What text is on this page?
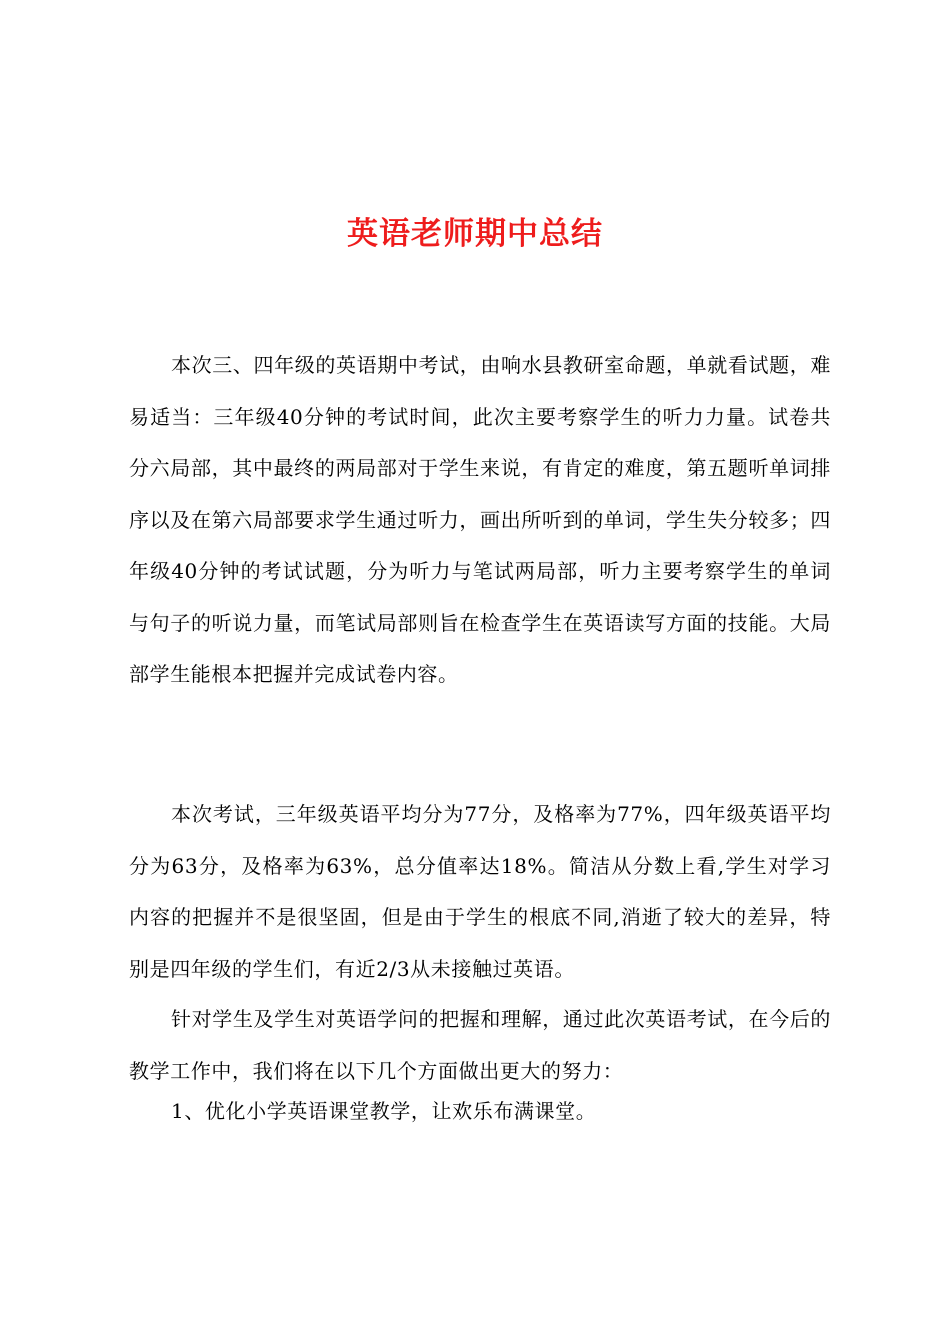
英语老师期中总结

本次三、四年级的英语期中考试，由响水县教研室命题，单就看试题，难易适当：三年级40分钟的考试时间，此次主要考察学生的听力力量。试卷共分六局部，其中最终的两局部对于学生来说，有肯定的难度，第五题听单词排序以及在第六局部要求学生通过听力，画出所听到的单词，学生失分较多；四年级40分钟的考试试题，分为听力与笔试两局部，听力主要考察学生的单词与句子的听说力量，而笔试局部则旨在检查学生在英语读写方面的技能。大局部学生能根本把握并完成试卷内容。

本次考试，三年级英语平均分为77分，及格率为77%，四年级英语平均分为63分，及格率为63%，总分值率达18%。简洁从分数上看,学生对学习内容的把握并不是很坚固，但是由于学生的根底不同,消逝了较大的差异，特别是四年级的学生们，有近2/3从未接触过英语。

针对学生及学生对英语学问的把握和理解，通过此次英语考试，在今后的教学工作中，我们将在以下几个方面做出更大的努力：

1、优化小学英语课堂教学，让欢乐布满课堂。
